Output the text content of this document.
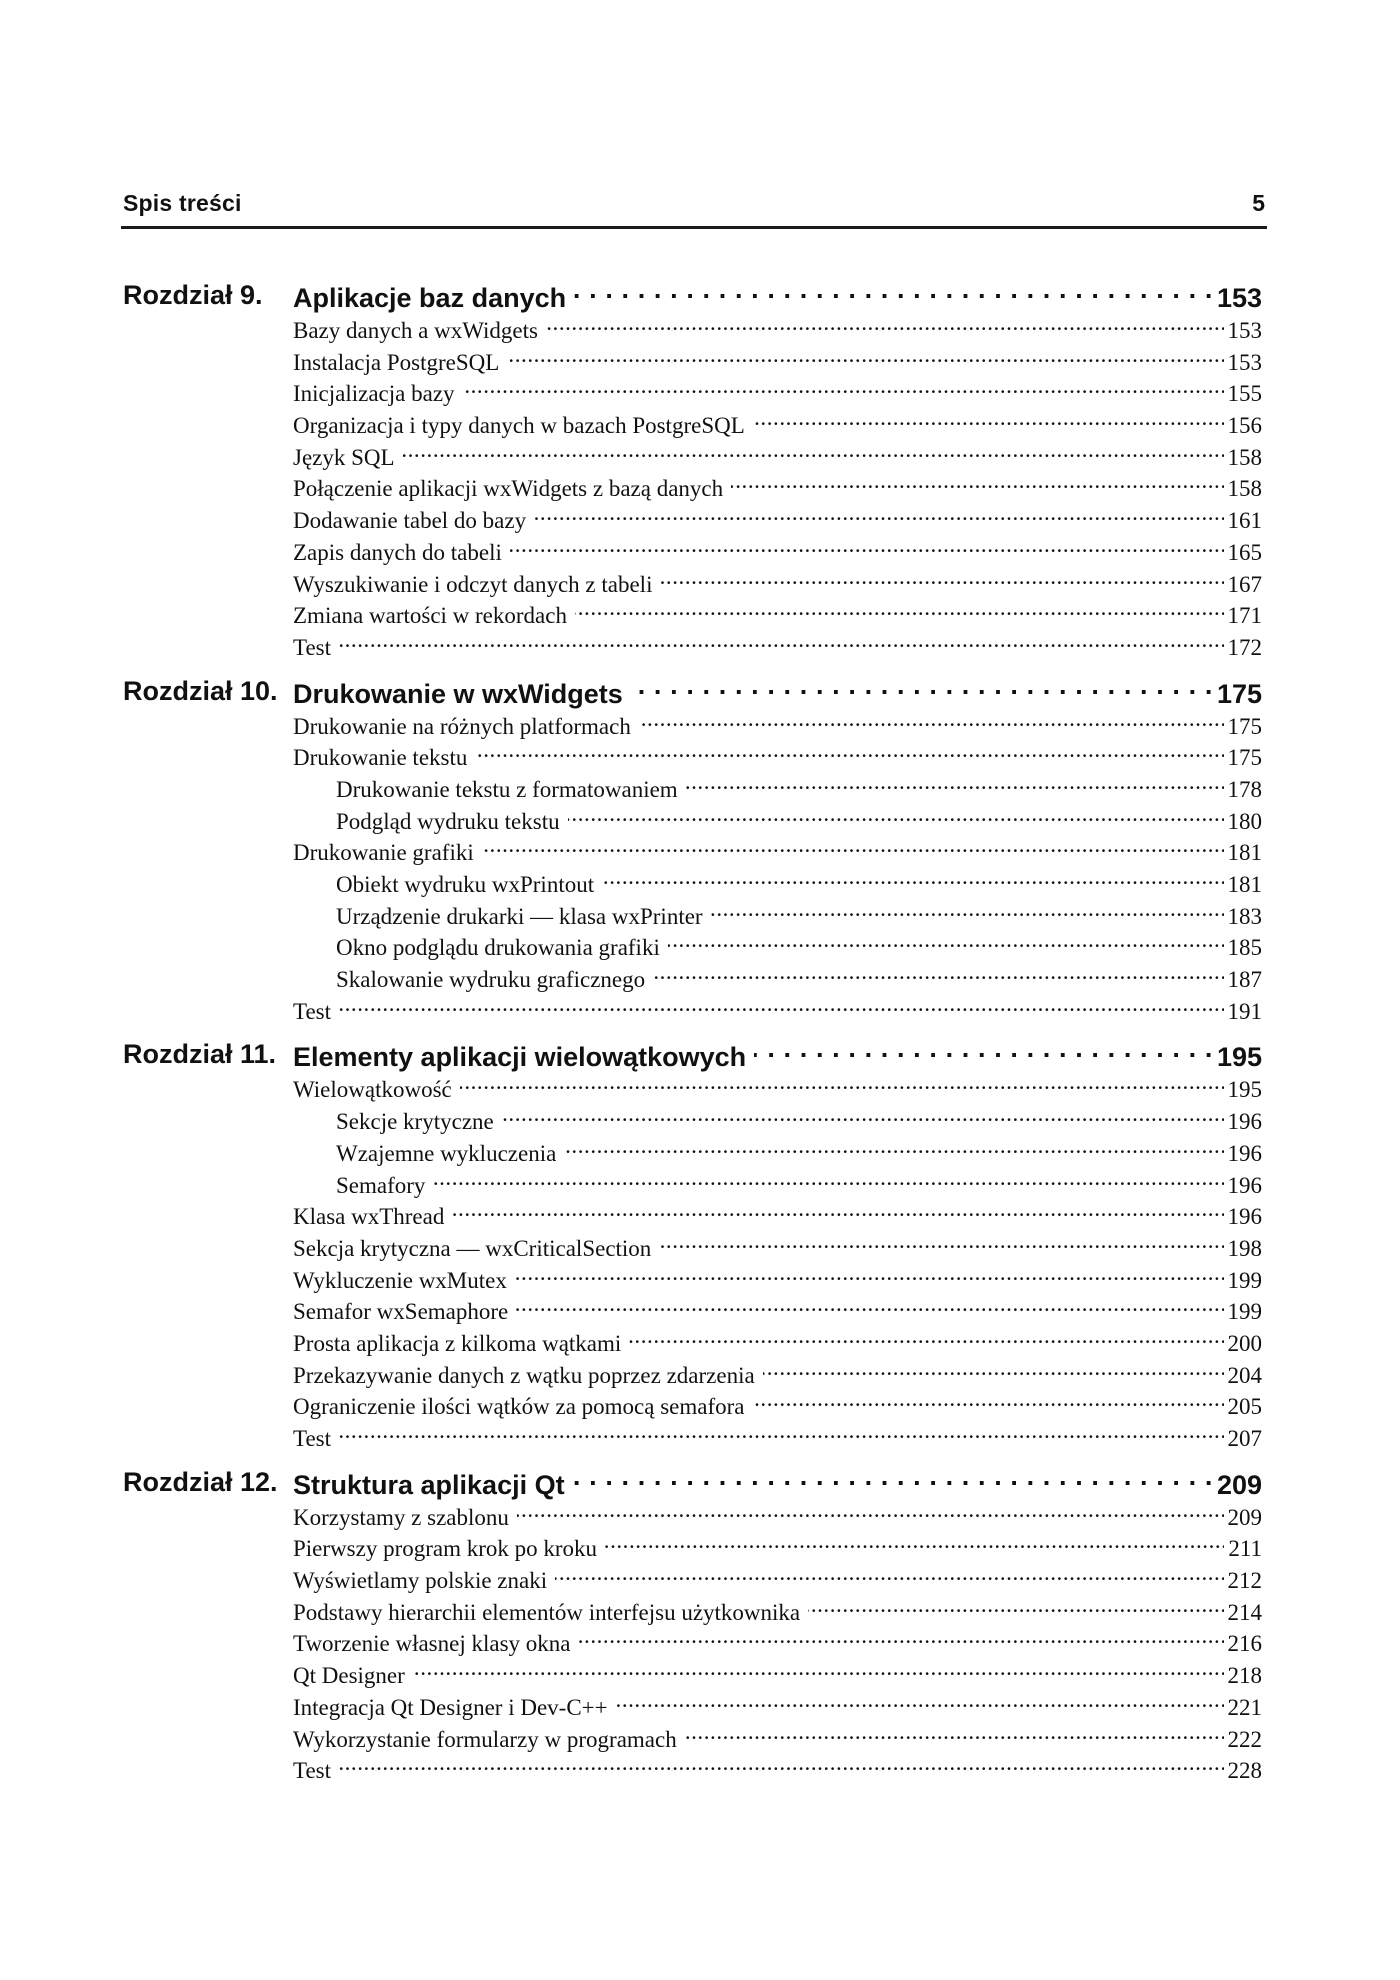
Spis treści	5
Rozdział 9. Aplikacje baz danych . . .	153
Bazy danych a wxWidgets . . .	153
Instalacja PostgreSQL . . .	153
Inicjalizacja bazy . . .	155
Organizacja i typy danych w bazach PostgreSQL . . .	156
Język SQL . . .	158
Połączenie aplikacji wxWidgets z bazą danych . . .	158
Dodawanie tabel do bazy . . .	161
Zapis danych do tabeli . . .	165
Wyszukiwanie i odczyt danych z tabeli . . .	167
Zmiana wartości w rekordach . . .	171
Test . . .	172
Rozdział 10. Drukowanie w wxWidgets . . .	175
Drukowanie na różnych platformach . . .	175
Drukowanie tekstu . . .	175
Drukowanie tekstu z formatowaniem . . .	178
Podgląd wydruku tekstu . . .	180
Drukowanie grafiki . . .	181
Obiekt wydruku wxPrintout . . .	181
Urządzenie drukarki — klasa wxPrinter . . .	183
Okno podglądu drukowania grafiki . . .	185
Skalowanie wydruku graficznego . . .	187
Test . . .	191
Rozdział 11. Elementy aplikacji wielowątkowych . . .	195
Wielowątkowość . . .	195
Sekcje krytyczne . . .	196
Wzajemne wykluczenia . . .	196
Semafory . . .	196
Klasa wxThread . . .	196
Sekcja krytyczna — wxCriticalSection . . .	198
Wykluczenie wxMutex . . .	199
Semafor wxSemaphore . . .	199
Prosta aplikacja z kilkoma wątkami . . .	200
Przekazywanie danych z wątku poprzez zdarzenia . . .	204
Ograniczenie ilości wątków za pomocą semafora . . .	205
Test . . .	207
Rozdział 12. Struktura aplikacji Qt . . .	209
Korzystamy z szablonu . . .	209
Pierwszy program krok po kroku . . .	211
Wyświetlamy polskie znaki . . .	212
Podstawy hierarchii elementów interfejsu użytkownika . . .	214
Tworzenie własnej klasy okna . . .	216
Qt Designer . . .	218
Integracja Qt Designer i Dev-C++ . . .	221
Wykorzystanie formularzy w programach . . .	222
Test . . .	228
